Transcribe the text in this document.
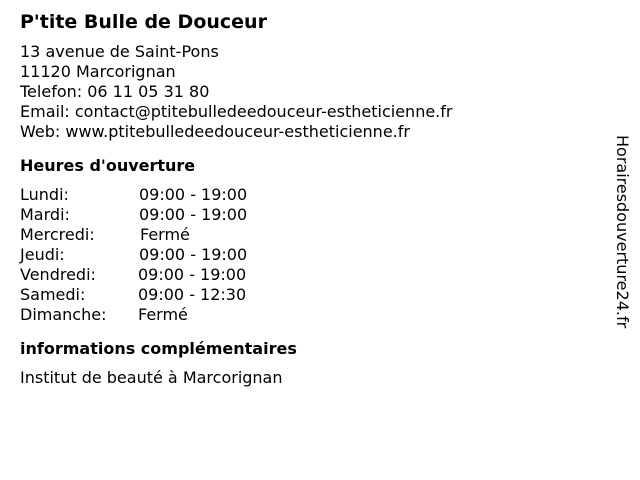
P'tite Bulle de Douceur
13 avenue de Saint-Pons
11120 Marcorignan
Telefon: 06 11 05 31 80
Email: contact@ptitebulledeedouceur-estheticienne.fr
Web: www.ptitebulledeedouceur-estheticienne.fr
Heures d'ouverture
Lundi:	09:00 - 19:00
Mardi:	09:00 - 19:00
Mercredi:	Fermé
Jeudi:	09:00 - 19:00
Vendredi:	09:00 - 19:00
Samedi:	09:00 - 12:30
Dimanche:	Fermé
informations complémentaires
Institut de beauté à Marcorignan
Horairesdouverture24.fr
